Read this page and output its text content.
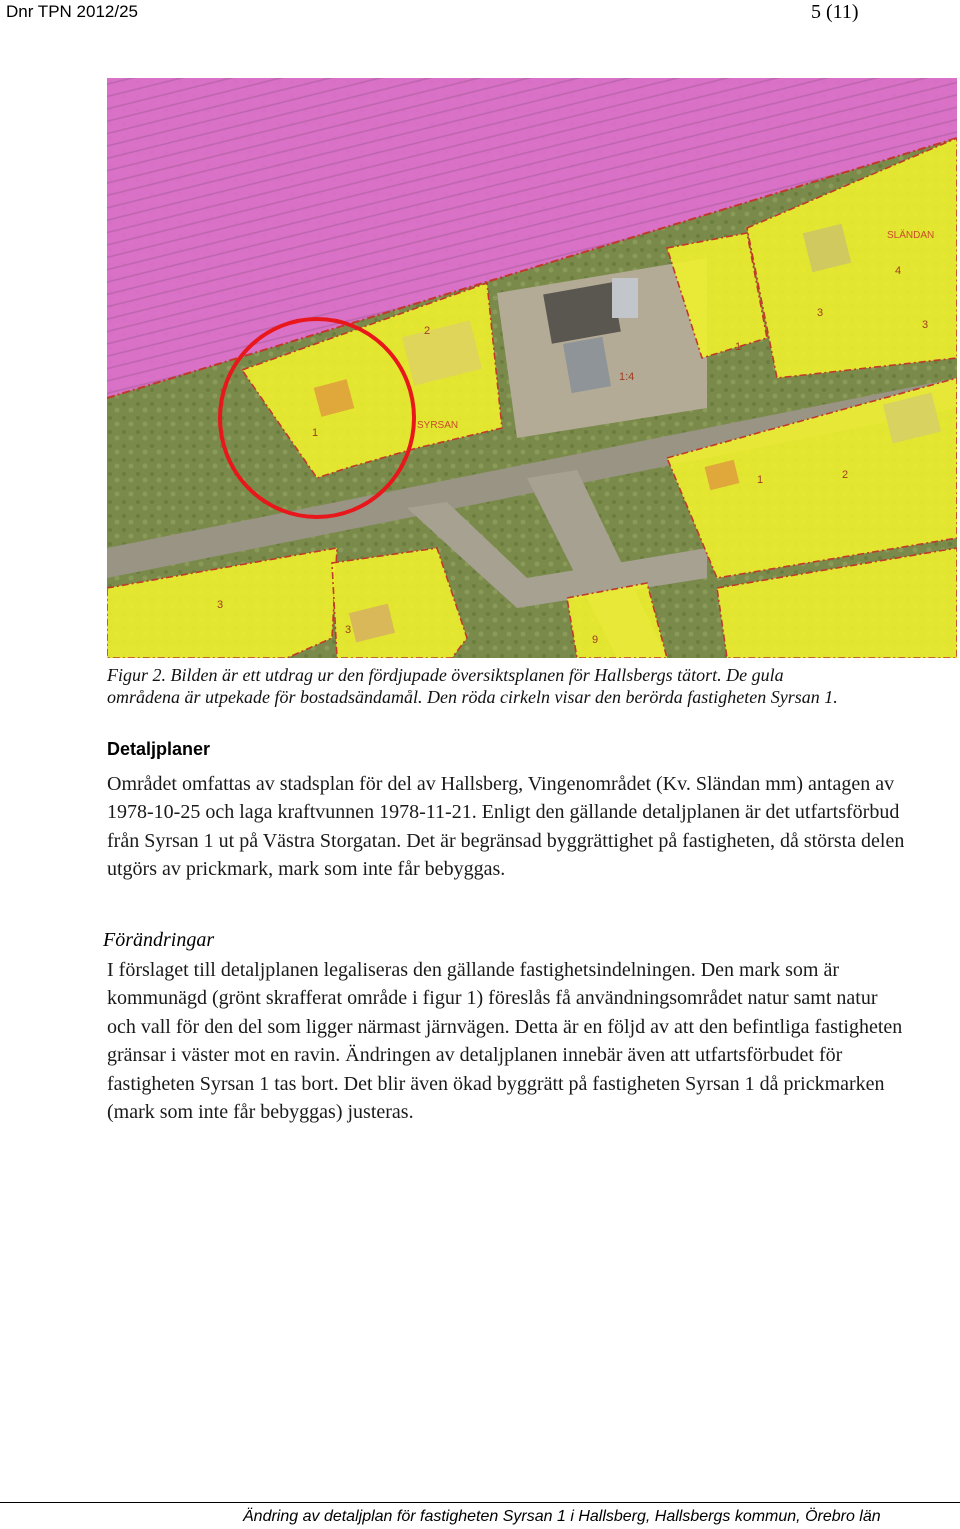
Dnr TPN 2012/25	5 (11)
SYRSAN
SLÄNDAN
1
2
3
4
1
3
1	2
3
3
9
1:4
Figur 2. Bilden är ett utdrag ur den fördjupade översiktsplanen för Hallsbergs tätort. De gula
områdena är utpekade för bostadsändamål. Den röda cirkeln visar den berörda fastigheten Syrsan 1.
Detaljplaner
Området omfattas av stadsplan för del av Hallsberg, Vingenområdet (Kv. Sländan mm) antagen av 1978-10-25 och laga kraftvunnen 1978-11-21. Enligt den gällande detaljplanen är det utfartsförbud från Syrsan 1 ut på Västra Storgatan. Det är begränsad byggrättighet på fastigheten, då största delen utgörs av prickmark, mark som inte får bebyggas.
Förändringar
I förslaget till detaljplanen legaliseras den gällande fastighetsindelningen. Den mark som är kommunägd (grönt skrafferat område i figur 1) föreslås få användningsområdet natur samt natur och vall för den del som ligger närmast järnvägen. Detta är en följd av att den befintliga fastigheten gränsar i väster mot en ravin. Ändringen av detaljplanen innebär även att utfartsförbudet för fastigheten Syrsan 1 tas bort. Det blir även ökad byggrätt på fastigheten Syrsan 1 då prickmarken (mark som inte får bebyggas) justeras.
Ändring av detaljplan för fastigheten Syrsan 1 i Hallsberg, Hallsbergs kommun, Örebro län
